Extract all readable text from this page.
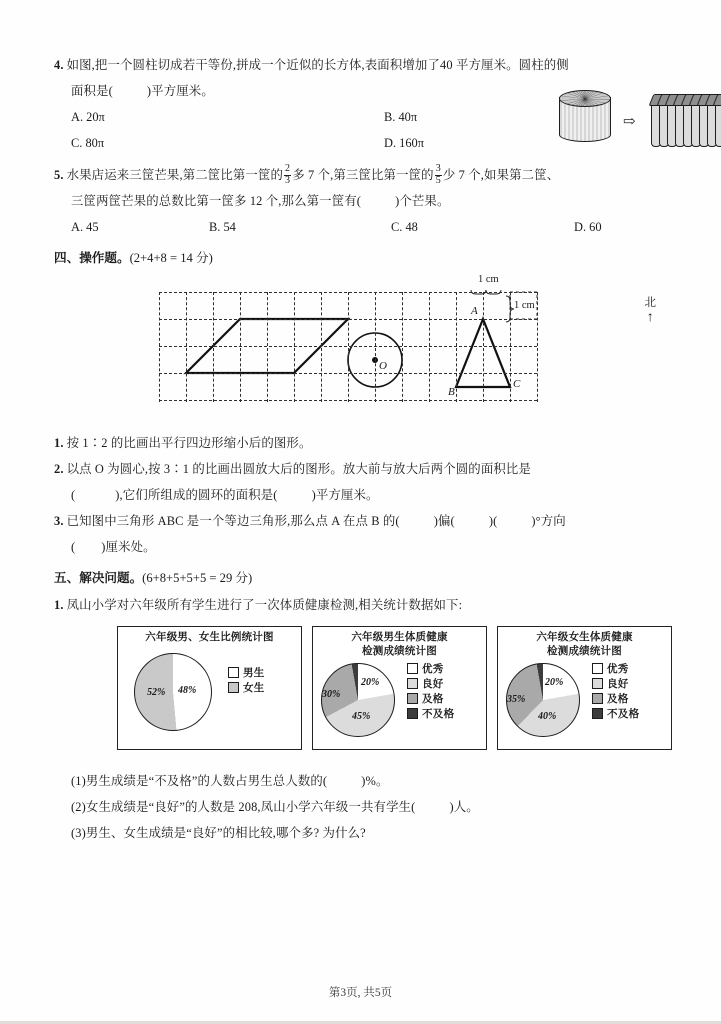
4. 如图,把一个圆柱切成若干等份,拼成一个近似的长方体,表面积增加了40 平方厘米。圆柱的侧
面积是(	)平方厘米。
A. 20π	B. 40π
C. 80π	D. 160π
⇨
5. 水果店运来三筐芒果,第二筐比第一筐的 $\frac{2}{3}$ 多 7 个,第三筐比第一筐的 $\frac{3}{5}$ 少 7 个,如果第二筐、
三筐两筐芒果的总数比第一筐多 12 个,那么第一筐有(	)个芒果。
A. 45	B. 54	C. 48	D. 60
四、操作题。(2+4+8 = 14 分)
1 cm
1 cm	北
↑
O
A
B
C
1. 按 1∶2 的比画出平行四边形缩小后的图形。
2. 以点 O 为圆心,按 3∶1 的比画出圆放大后的图形。放大前与放大后两个圆的面积比是
(	),它们所组成的圆环的面积是(	)平方厘米。
3. 已知图中三角形 ABC 是一个等边三角形,那么点 A 在点 B 的(	)偏(	)(	)°方向
( )厘米处。
五、解决问题。(6+8+5+5+5 = 29 分)
1. 凤山小学对六年级所有学生进行了一次体质健康检测,相关统计数据如下:
六年级男、女生比例统计图
52% 48%
男生
女生
六年级男生体质健康
检测成绩统计图
20%
45%
30%
优秀
良好
及格
不及格
六年级女生体质健康
检测成绩统计图
20%
40%
35%
优秀
良好
及格
不及格
(1)男生成绩是“不及格”的人数占男生总人数的(	)%。
(2)女生成绩是“良好”的人数是 208,凤山小学六年级一共有学生(	)人。
(3)男生、女生成绩是“良好”的相比较,哪个多? 为什么?
第3页, 共5页
